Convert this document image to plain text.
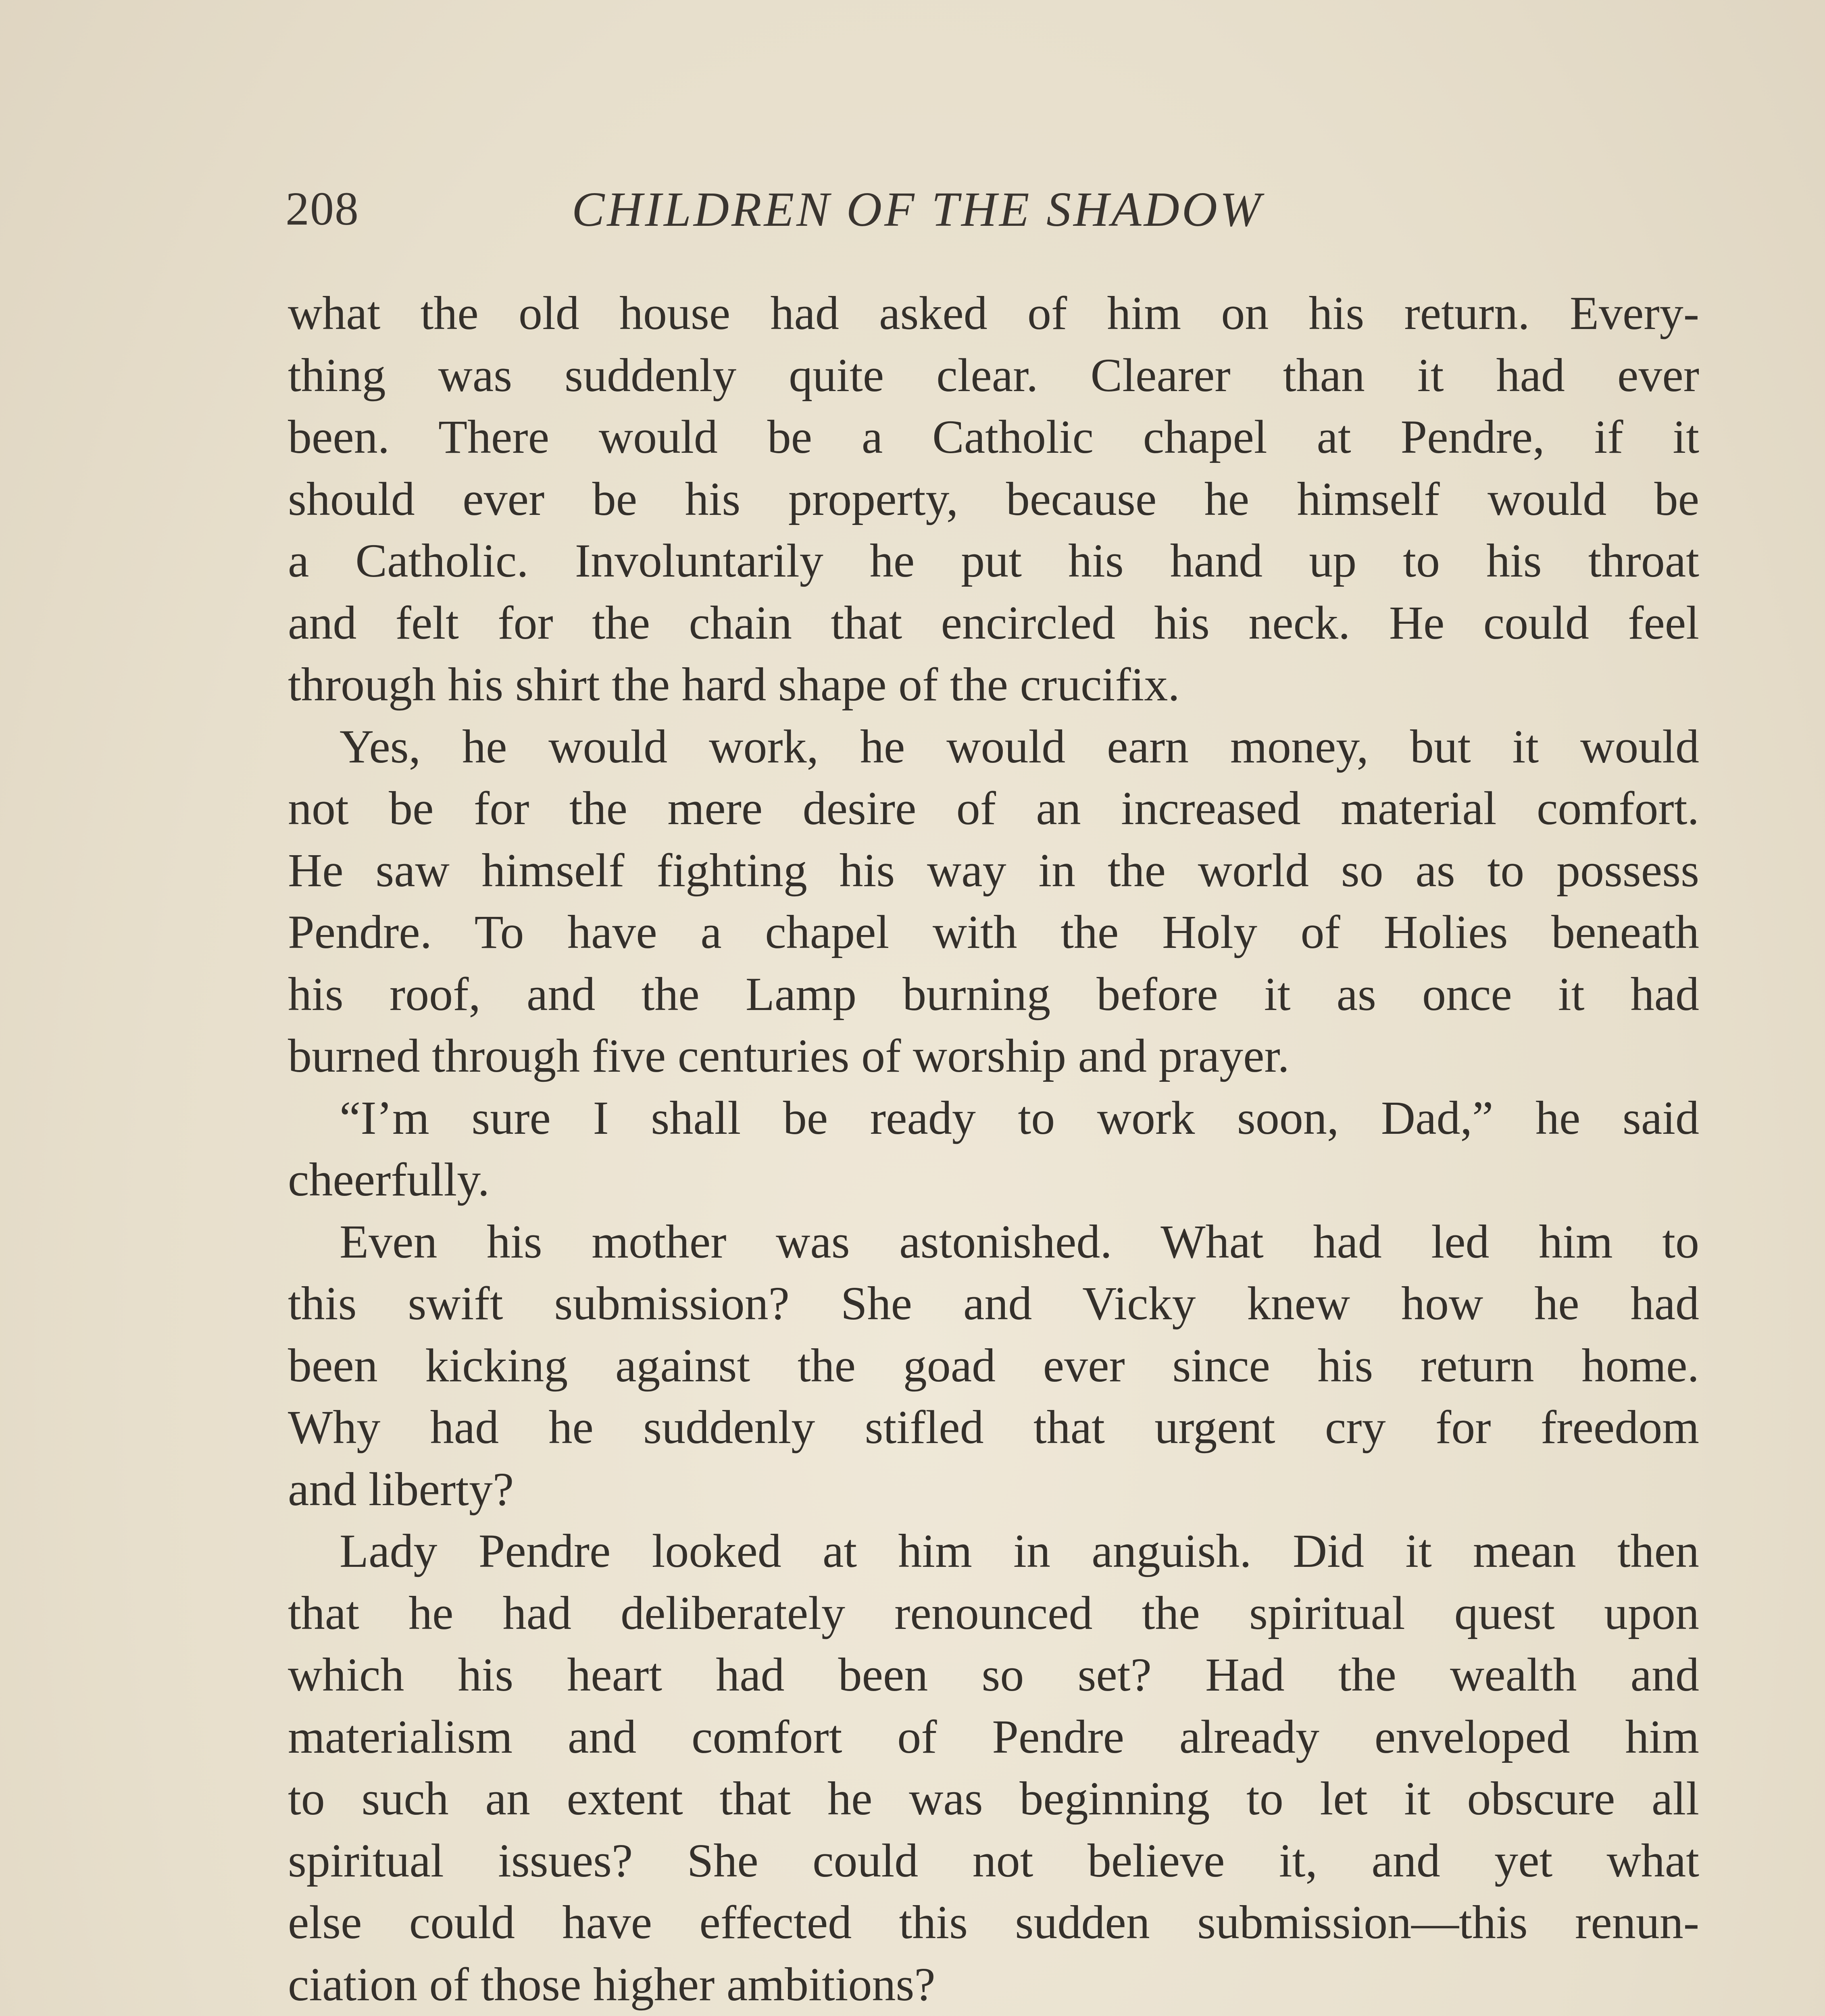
208	CHILDREN OF THE SHADOW
what the old house had asked of him on his return. Every-
thing was suddenly quite clear. Clearer than it had ever
been. There would be a Catholic chapel at Pendre, if it
should ever be his property, because he himself would be
a Catholic. Involuntarily he put his hand up to his throat
and felt for the chain that encircled his neck. He could feel
through his shirt the hard shape of the crucifix.
Yes, he would work, he would earn money, but it would
not be for the mere desire of an increased material comfort.
He saw himself fighting his way in the world so as to possess
Pendre. To have a chapel with the Holy of Holies beneath
his roof, and the Lamp burning before it as once it had
burned through five centuries of worship and prayer.
“I’m sure I shall be ready to work soon, Dad,” he said
cheerfully.
Even his mother was astonished. What had led him to
this swift submission? She and Vicky knew how he had
been kicking against the goad ever since his return home.
Why had he suddenly stifled that urgent cry for freedom
and liberty?
Lady Pendre looked at him in anguish. Did it mean then
that he had deliberately renounced the spiritual quest upon
which his heart had been so set? Had the wealth and
materialism and comfort of Pendre already enveloped him
to such an extent that he was beginning to let it obscure all
spiritual issues? She could not believe it, and yet what
else could have effected this sudden submission—this renun-
ciation of those higher ambitions?
